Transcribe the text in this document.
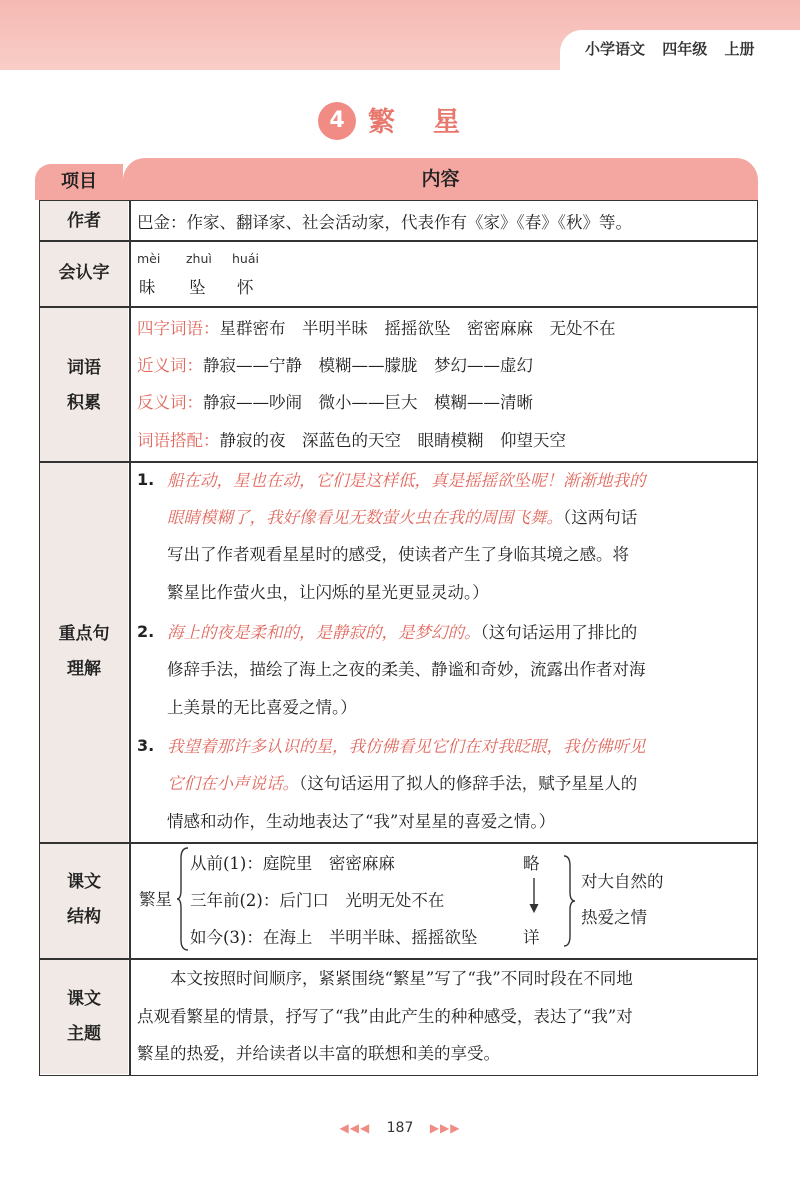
小学语文 四年级 上册
4 繁星
项目	内容
作者	巴金：作家、翻译家、社会活动家，代表作有《家》《春》《秋》等。
会认字
mèi zhuì huái
昧 坠 怀
词语
积累
四字词语：星群密布　半明半昧　摇摇欲坠　密密麻麻　无处不在
近义词：静寂——宁静　模糊——朦胧　梦幻——虚幻
反义词：静寂——吵闹　微小——巨大　模糊——清晰
词语搭配：静寂的夜　深蓝色的天空　眼睛模糊　仰望天空
重点句
理解
1. 船在动，星也在动，它们是这样低，真是摇摇欲坠呢！渐渐地我的
眼睛模糊了，我好像看见无数萤火虫在我的周围飞舞。（这两句话
写出了作者观看星星时的感受，使读者产生了身临其境之感。将
繁星比作萤火虫，让闪烁的星光更显灵动。）
2. 海上的夜是柔和的，是静寂的，是梦幻的。（这句话运用了排比的
修辞手法，描绘了海上之夜的柔美、静谧和奇妙，流露出作者对海
上美景的无比喜爱之情。）
3. 我望着那许多认识的星，我仿佛看见它们在对我眨眼，我仿佛听见
它们在小声说话。（这句话运用了拟人的修辞手法，赋予星星人的
情感和动作，生动地表达了“我”对星星的喜爱之情。）
课文
结构
繁星
从前(1)：庭院里　密密麻麻
三年前(2)：后门口　光明无处不在
如今(3)：在海上　半明半昧、摇摇欲坠
略
详
对大自然的
热爱之情
课文
主题
本文按照时间顺序，紧紧围绕“繁星”写了“我”不同时段在不同地
点观看繁星的情景，抒写了“我”由此产生的种种感受，表达了“我”对
繁星的热爱，并给读者以丰富的联想和美的享受。
◀◀◀ 187 ▶▶▶
